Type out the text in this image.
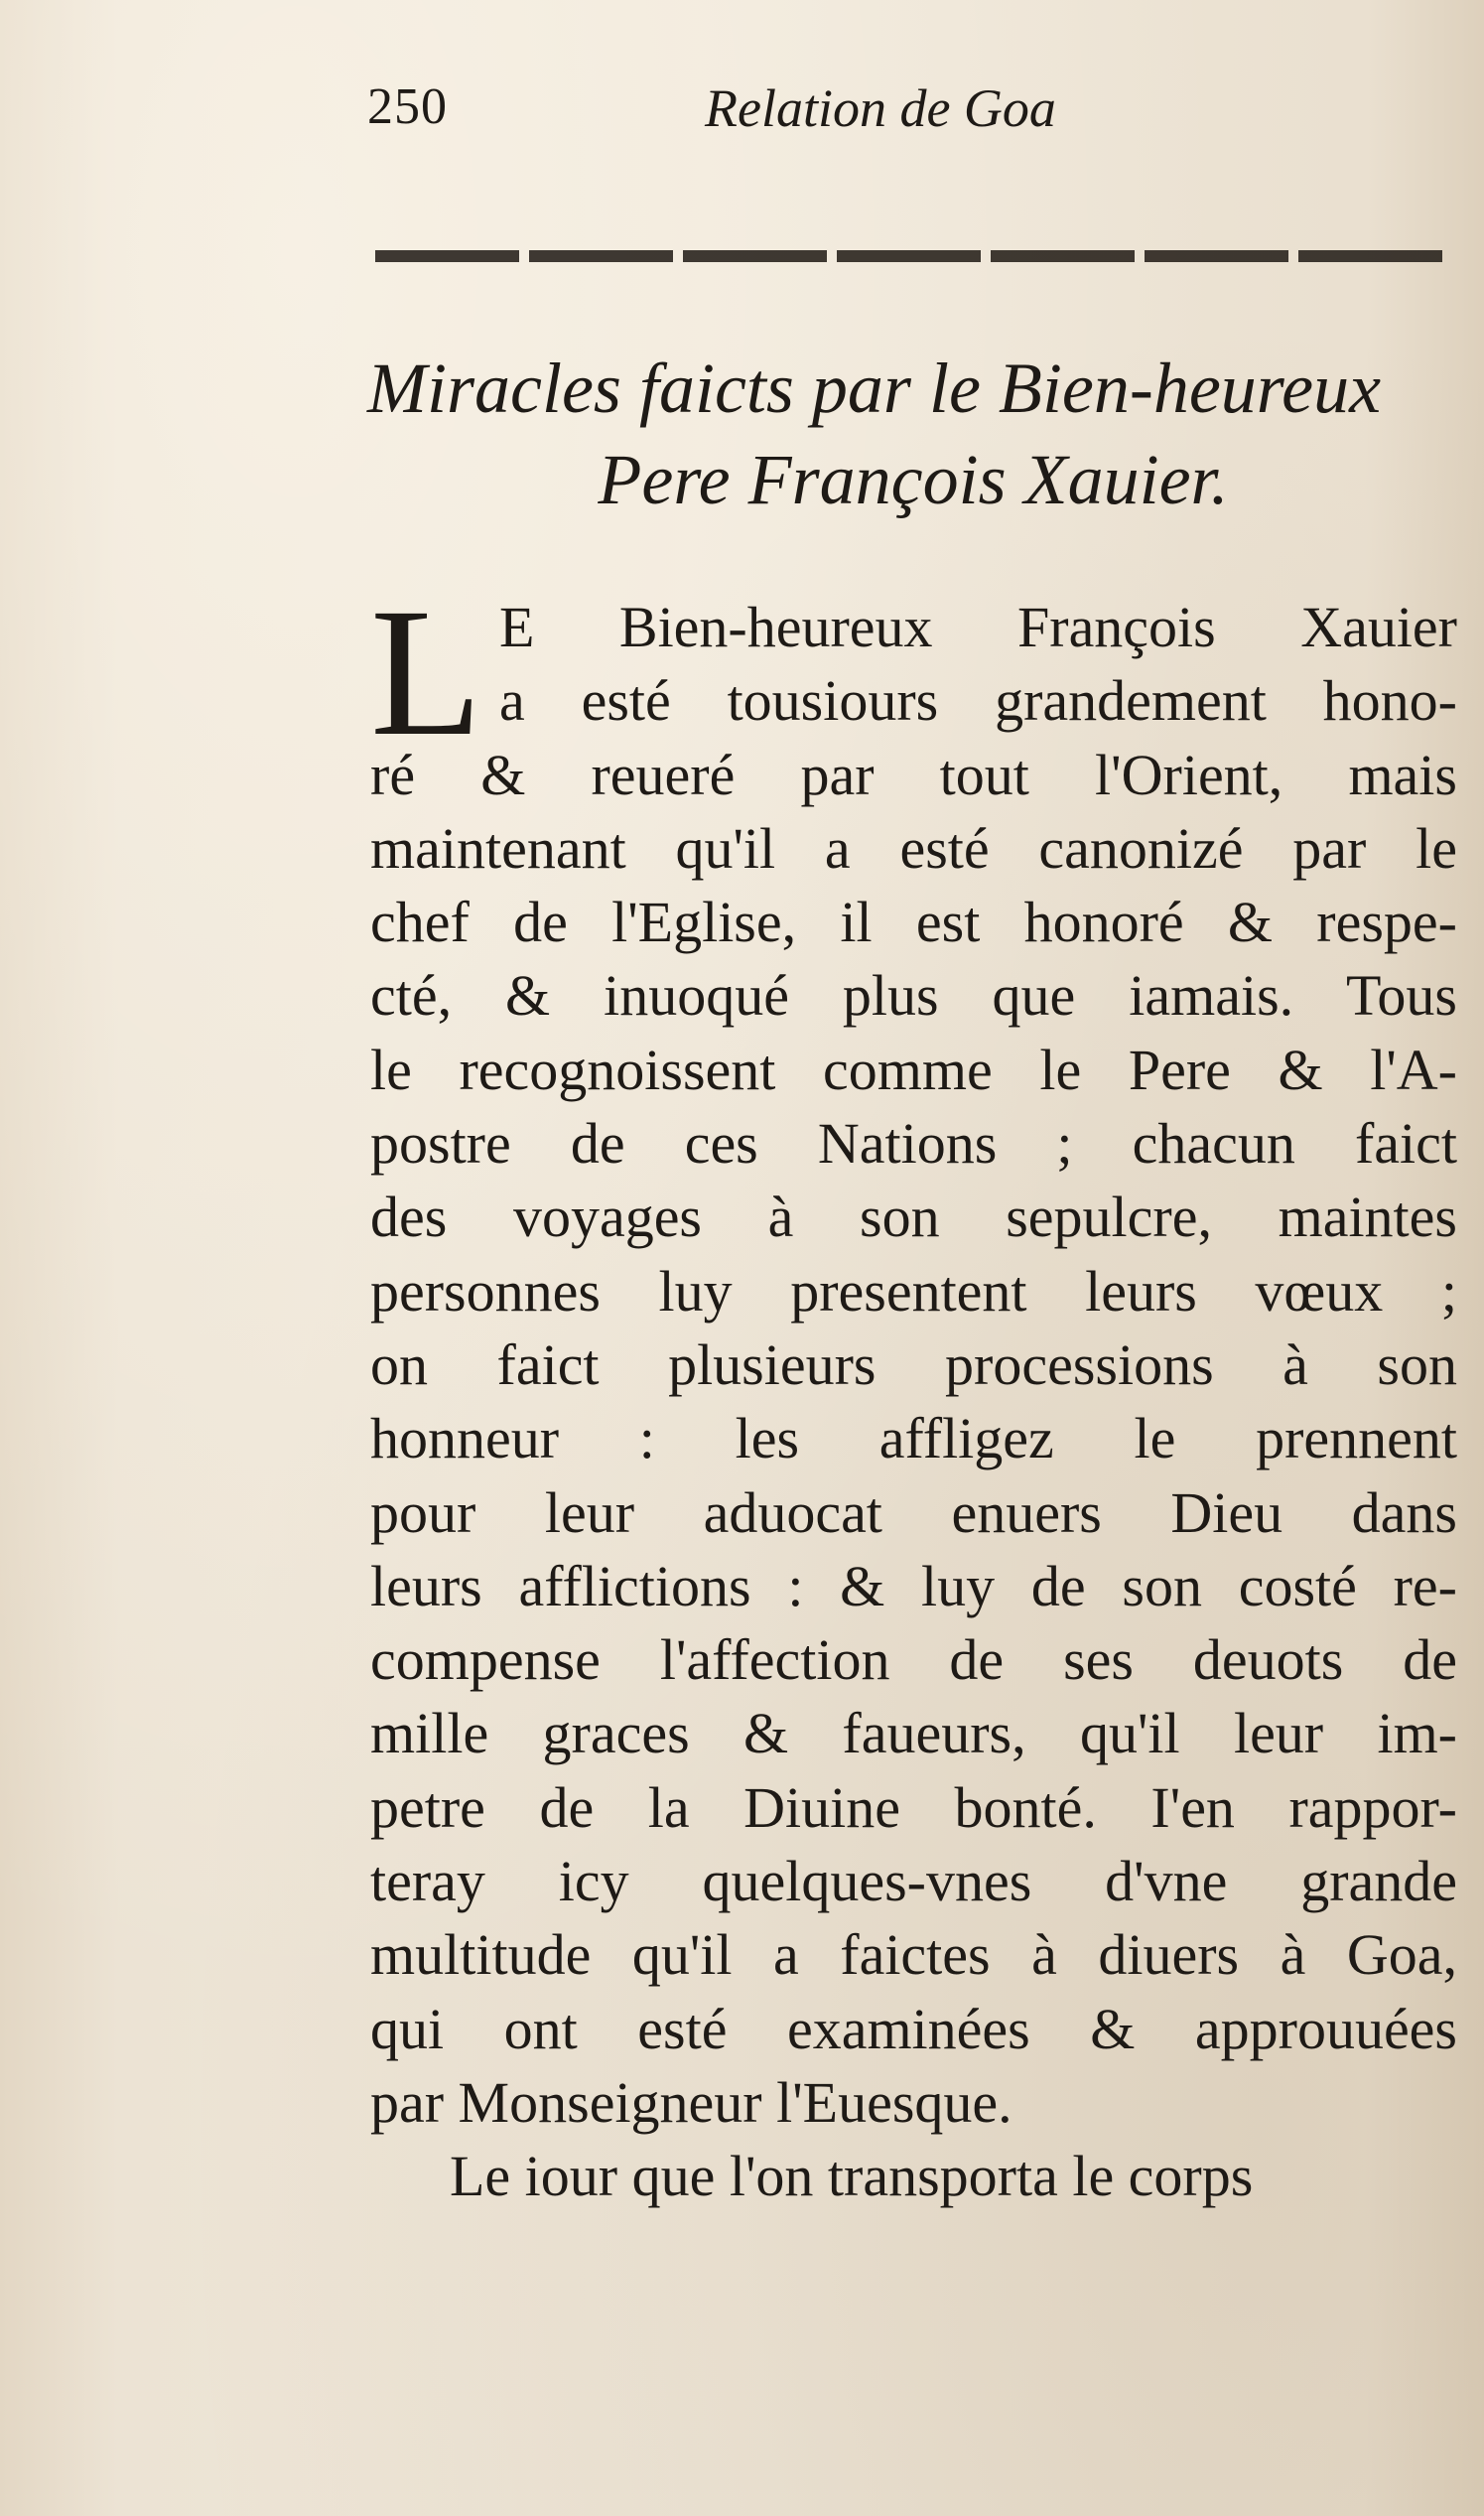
250	Relation de Goa
Miracles faicts par le Bien-heureux
Pere François Xauier.
L E Bien-heureux François Xauier
a esté tousiours grandement hono-
ré & reueré par tout l'Orient, mais
maintenant qu'il a esté canonizé par le
chef de l'Eglise, il est honoré & respe-
cté, & inuoqué plus que iamais. Tous
le recognoissent comme le Pere & l'A-
postre de ces Nations ; chacun faict
des voyages à son sepulcre, maintes
personnes luy presentent leurs vœux ;
on faict plusieurs processions à son
honneur : les affligez le prennent
pour leur aduocat enuers Dieu dans
leurs afflictions : & luy de son costé re-
compense l'affection de ses deuots de
mille graces & faueurs, qu'il leur im-
petre de la Diuine bonté. I'en rappor-
teray icy quelques-vnes d'vne grande
multitude qu'il a faictes à diuers à Goa,
qui ont esté examinées & approuuées
par Monseigneur l'Euesque.
Le iour que l'on transporta le corps
